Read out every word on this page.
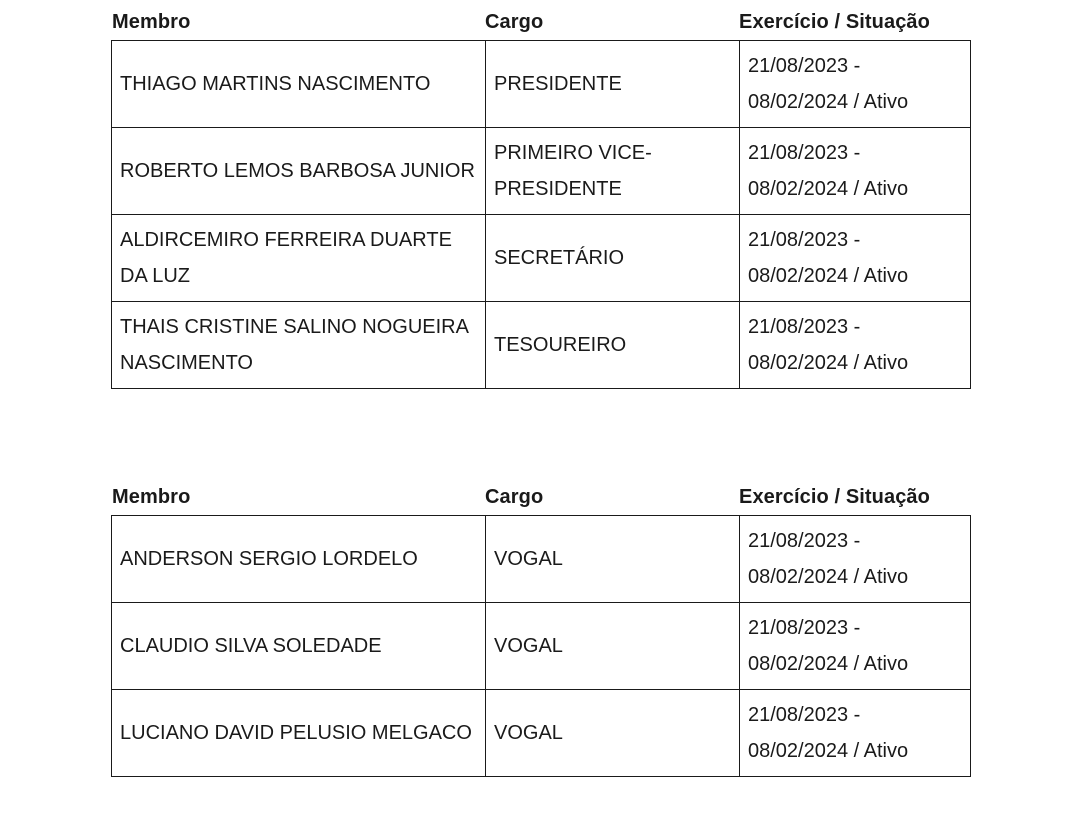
Membro	Cargo	Exercício / Situação
THIAGO MARTINS NASCIMENTO	PRESIDENTE	21/08/2023 - 08/02/2024 / Ativo
ROBERTO LEMOS BARBOSA JUNIOR	PRIMEIRO VICE-PRESIDENTE	21/08/2023 - 08/02/2024 / Ativo
ALDIRCEMIRO FERREIRA DUARTE DA LUZ	SECRETÁRIO	21/08/2023 - 08/02/2024 / Ativo
THAIS CRISTINE SALINO NOGUEIRA NASCIMENTO	TESOUREIRO	21/08/2023 - 08/02/2024 / Ativo
Membro	Cargo	Exercício / Situação
ANDERSON SERGIO LORDELO	VOGAL	21/08/2023 - 08/02/2024 / Ativo
CLAUDIO SILVA SOLEDADE	VOGAL	21/08/2023 - 08/02/2024 / Ativo
LUCIANO DAVID PELUSIO MELGACO	VOGAL	21/08/2023 - 08/02/2024 / Ativo
